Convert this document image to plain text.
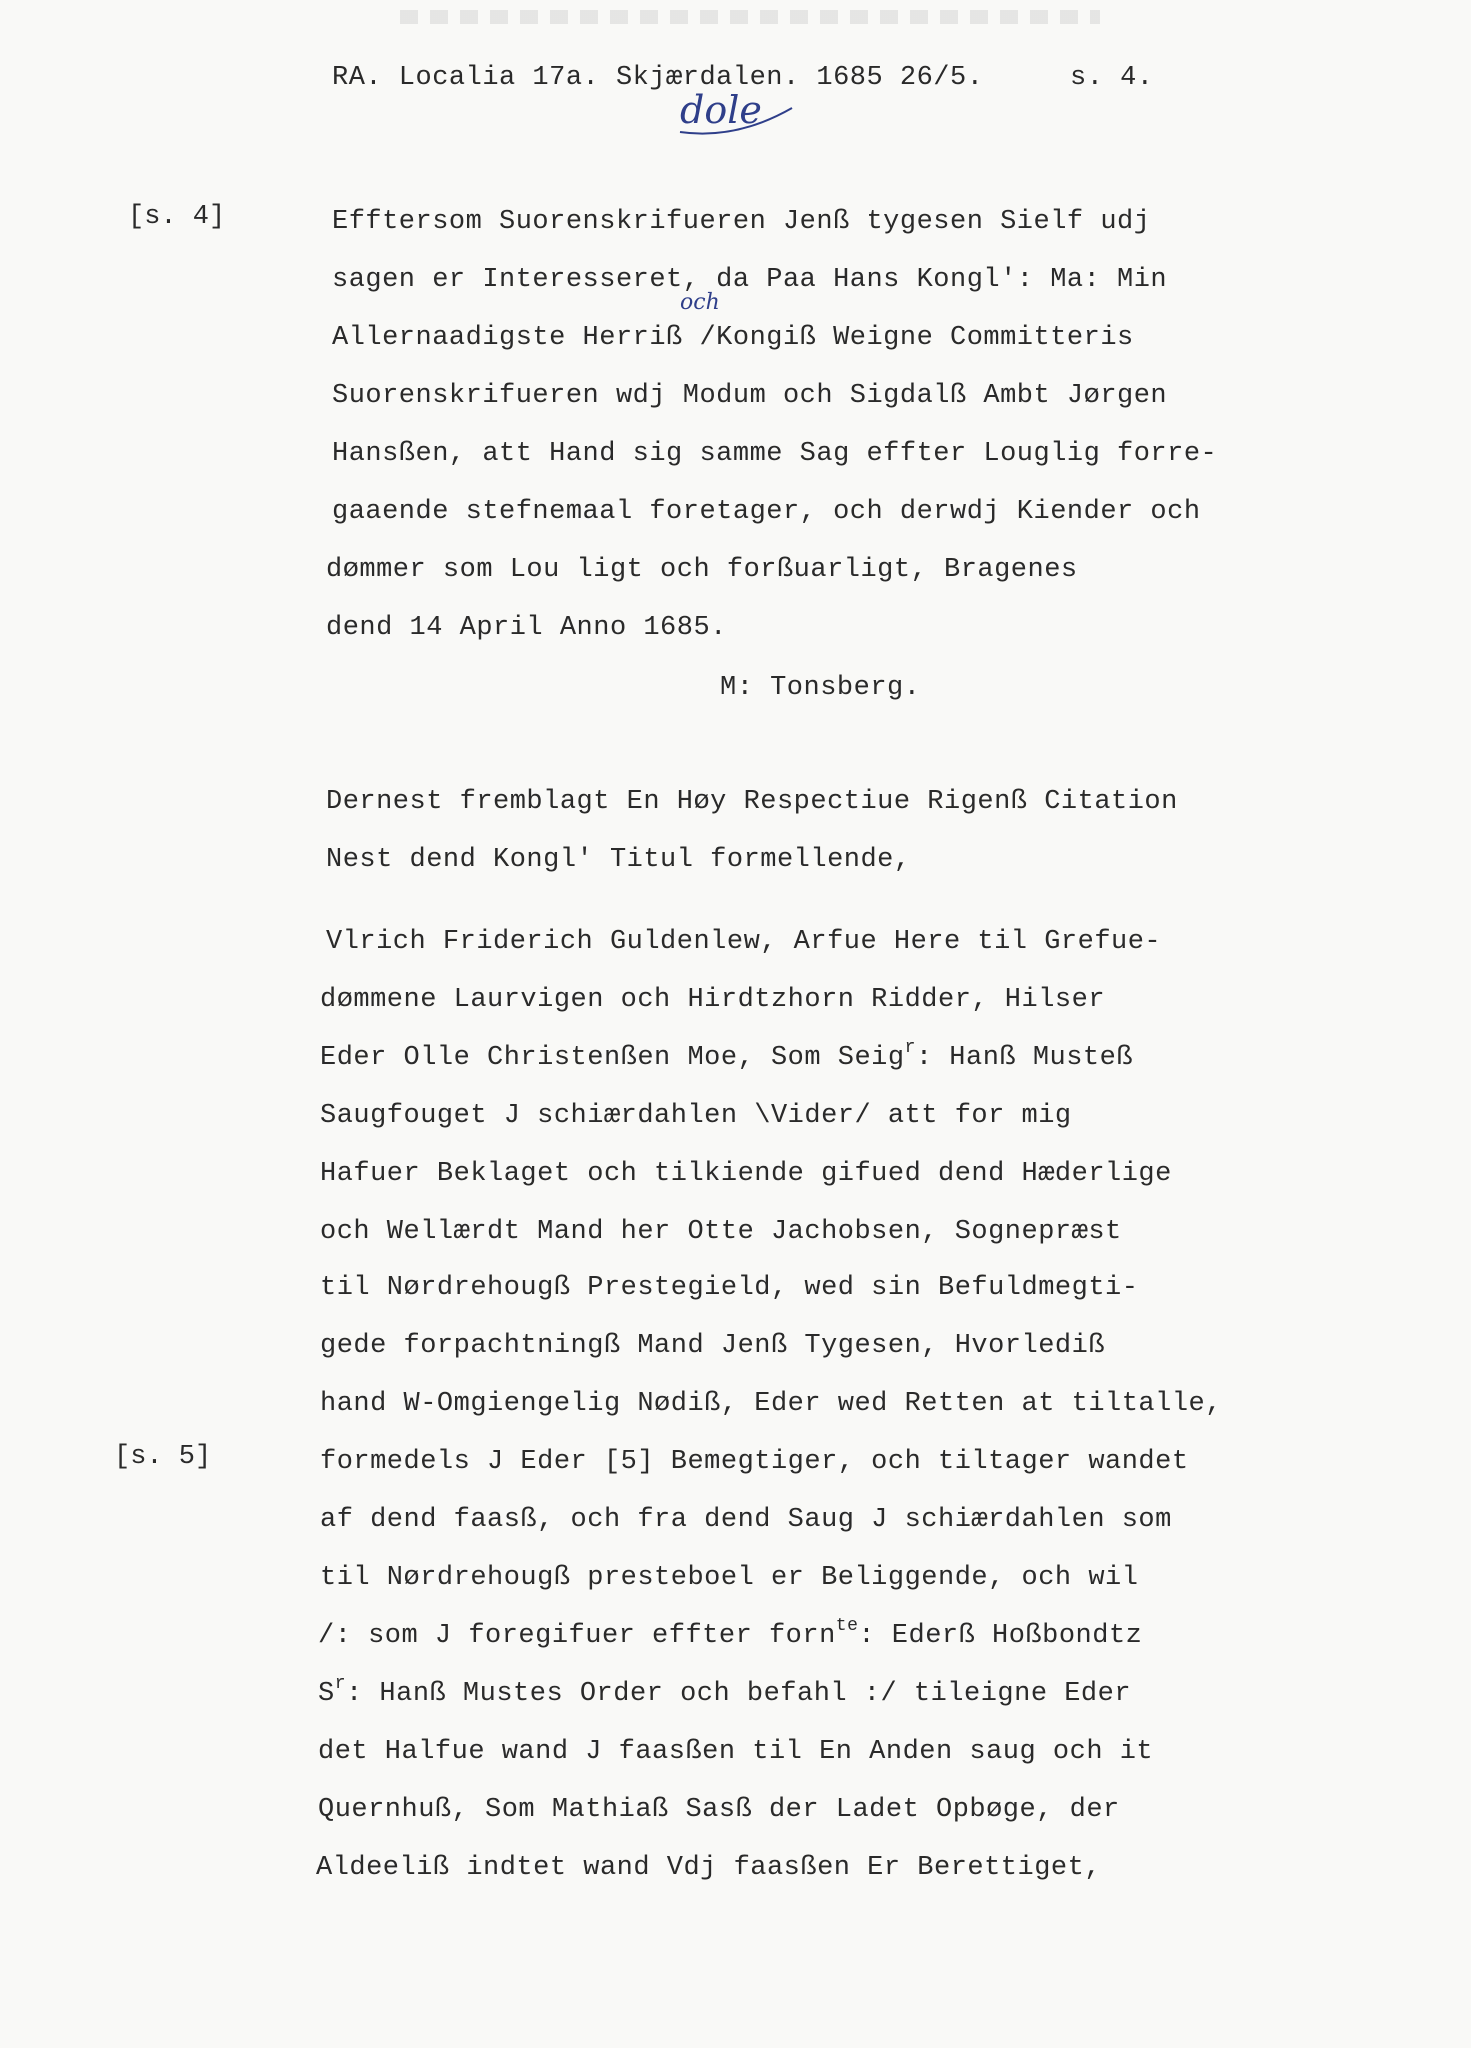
RA. Localia 17a. Skjærdalen. 1685 26/5.	s. 4.
dole
[s. 4]
[s. 5]
Efftersom Suorenskrifueren Jenß tygesen Sielf udj
sagen er Interesseret, da Paa Hans Kongl': Ma: Min
och
Allernaadigste Herriß /Kongiß Weigne Committeris
Suorenskrifueren wdj Modum och Sigdalß Ambt Jørgen
Hansßen, att Hand sig samme Sag effter Louglig forre-
gaaende stefnemaal foretager, och derwdj Kiender och
dømmer som Lou ligt och forßuarligt, Bragenes
dend 14 April Anno 1685.
M: Tonsberg.
Dernest fremblagt En Høy Respectiue Rigenß Citation
Nest dend Kongl' Titul formellende,
Vlrich Friderich Guldenlew, Arfue Here til Grefue-
dømmene Laurvigen och Hirdtzhorn Ridder, Hilser
Eder Olle Christenßen Moe, Som Seig$^r$: Hanß Musteß
Saugfouget J schiærdahlen \Vider/ att for mig
Hafuer Beklaget och tilkiende gifued dend Hæderlige
och Wellærdt Mand her Otte Jachobsen, Sognepræst
til Nørdrehougß Prestegield, wed sin Befuldmegti-
gede forpachtningß Mand Jenß Tygesen, Hvorlediß
hand W-Omgiengelig Nødiß, Eder wed Retten at tiltalle,
formedels J Eder [5] Bemegtiger, och tiltager wandet
af dend faasß, och fra dend Saug J schiærdahlen som
til Nørdrehougß presteboel er Beliggende, och wil
/: som J foregifuer effter forn$^{te}$: Ederß Hoßbondtz
$S^r$: Hanß Mustes Order och befahl :/ tileigne Eder
det Halfue wand J faasßen til En Anden saug och it
Quernhuß, Som Mathiaß Sasß der Ladet Opbøge, der
Aldeeliß indtet wand Vdj faasßen Er Berettiget,
